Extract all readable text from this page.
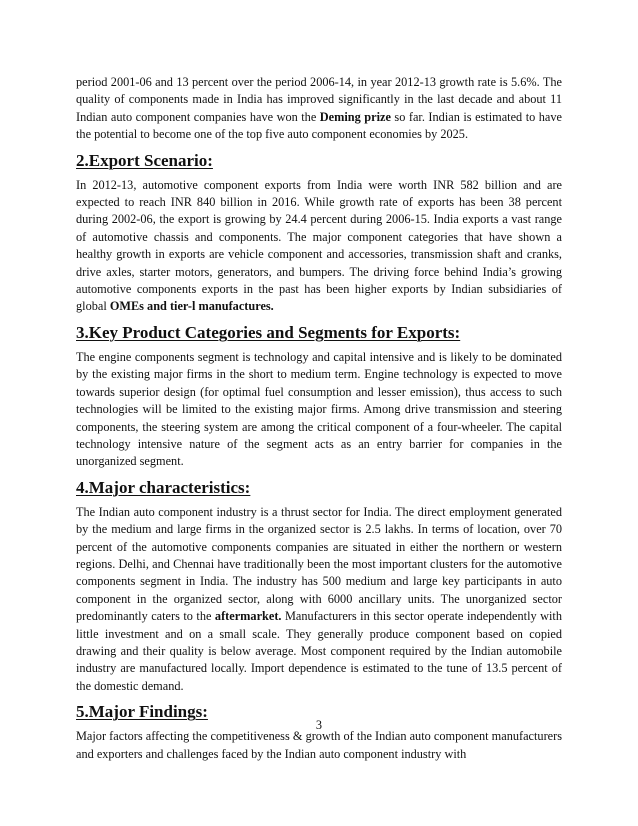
period 2001-06 and 13 percent over the period 2006-14, in year 2012-13 growth rate is 5.6%. The quality of components made in India has improved significantly in the last decade and about 11 Indian auto component companies have won the Deming prize so far. Indian is estimated to have the potential to become one of the top five auto component economies by 2025.

2.Export Scenario:

In 2012-13, automotive component exports from India were worth INR 582 billion and are expected to reach INR 840 billion in 2016. While growth rate of exports has been 38 percent during 2002-06, the export is growing by 24.4 percent during 2006-15. India exports a vast range of automotive chassis and components. The major component categories that have shown a healthy growth in exports are vehicle component and accessories, transmission shaft and cranks, drive axles, starter motors, generators, and bumpers. The driving force behind India’s growing automotive components exports in the past has been higher exports by Indian subsidiaries of global OMEs and tier-l manufactures.

3.Key Product Categories and Segments for Exports:

The engine components segment is technology and capital intensive and is likely to be dominated by the existing major firms in the short to medium term. Engine technology is expected to move towards superior design (for optimal fuel consumption and lesser emission), thus access to such technologies will be limited to the existing major firms. Among drive transmission and steering components, the steering system are among the critical component of a four-wheeler. The capital technology intensive nature of the segment acts as an entry barrier for companies in the unorganized segment.

4.Major characteristics:

The Indian auto component industry is a thrust sector for India. The direct employment generated by the medium and large firms in the organized sector is 2.5 lakhs. In terms of location, over 70 percent of the automotive components companies are situated in either the northern or western regions. Delhi, and Chennai have traditionally been the most important clusters for the automotive components segment in India. The industry has 500 medium and large key participants in auto component in the organized sector, along with 6000 ancillary units. The unorganized sector predominantly caters to the aftermarket. Manufacturers in this sector operate independently with little investment and on a small scale. They generally produce component based on copied drawing and their quality is below average. Most component required by the Indian automobile industry are manufactured locally. Import dependence is estimated to the tune of 13.5 percent of the domestic demand.

5.Major Findings:

Major factors affecting the competitiveness & growth of the Indian auto component manufacturers and exporters and challenges faced by the Indian auto component industry with

3
